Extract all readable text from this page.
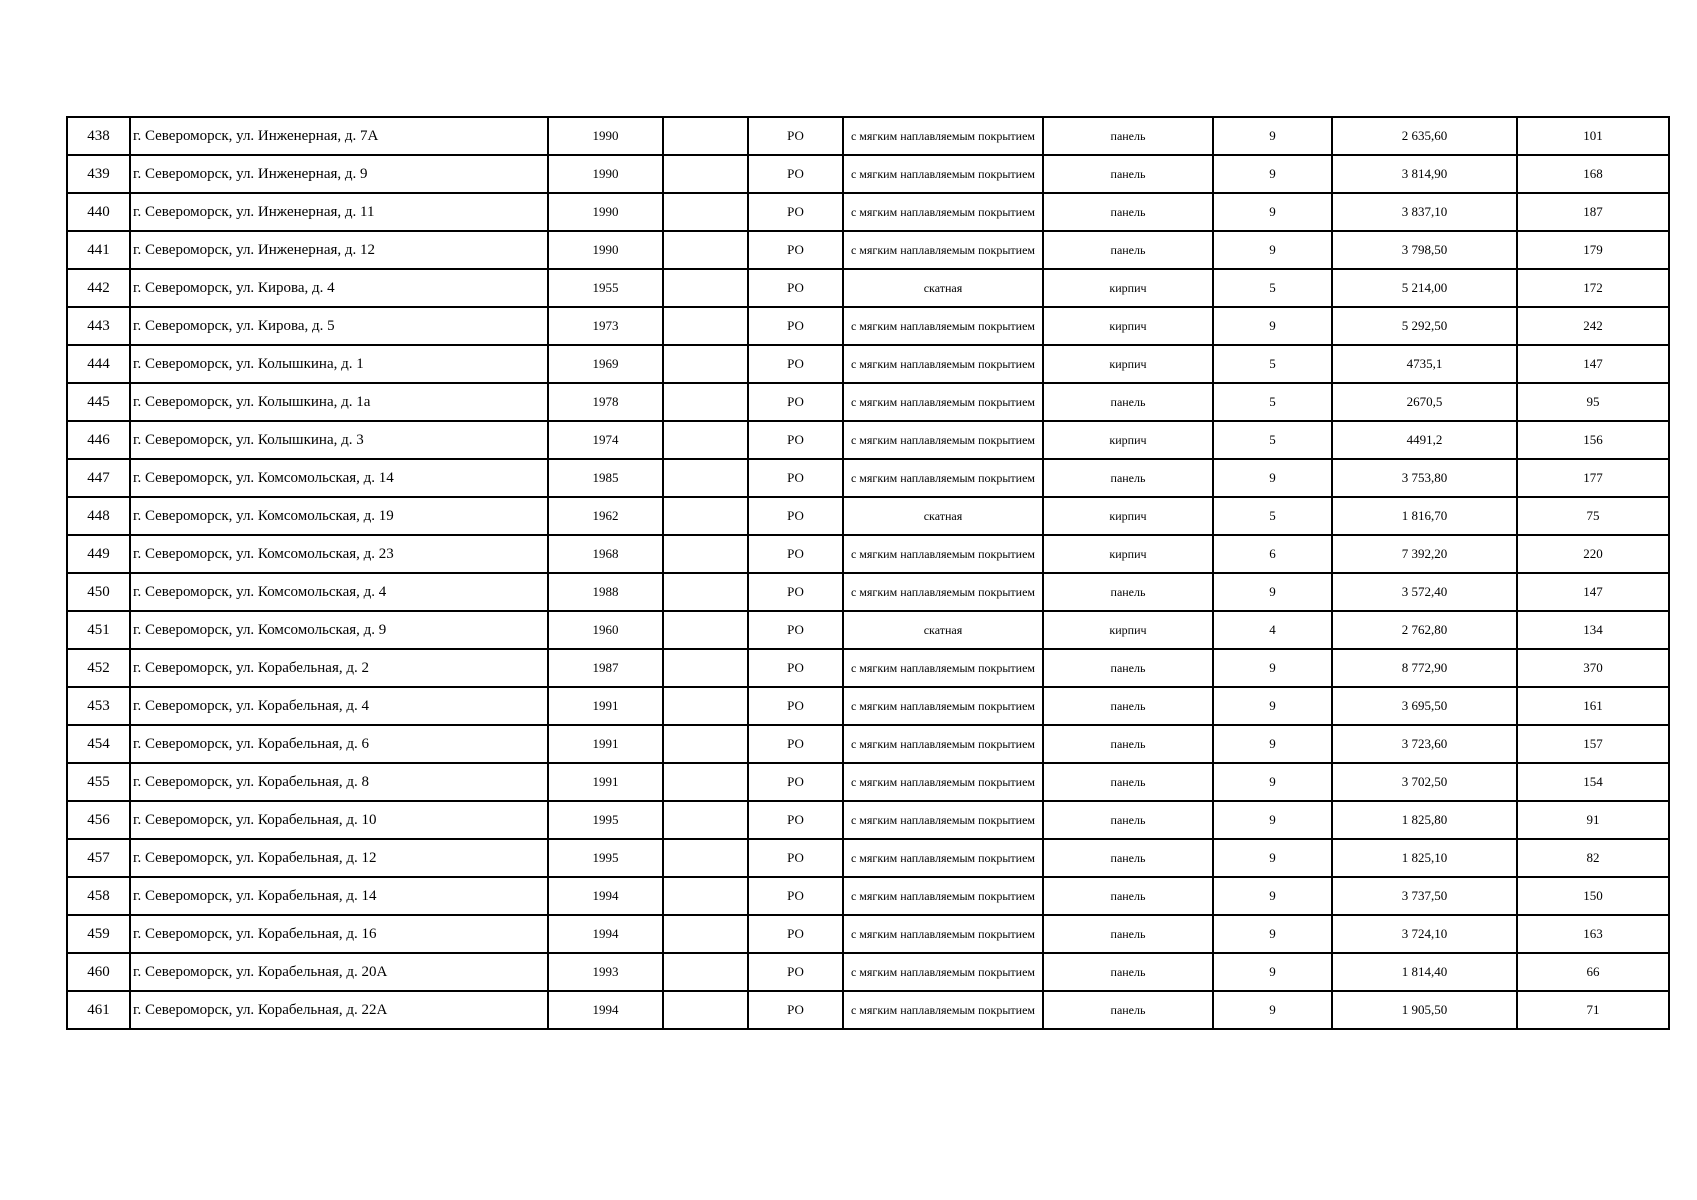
438	г. Североморск, ул. Инженерная, д. 7А	1990		РО	с мягким наплавляемым покрытием	панель	9	2 635,60	101
439	г. Североморск, ул. Инженерная, д. 9	1990		РО	с мягким наплавляемым покрытием	панель	9	3 814,90	168
440	г. Североморск, ул. Инженерная, д. 11	1990		РО	с мягким наплавляемым покрытием	панель	9	3 837,10	187
441	г. Североморск, ул. Инженерная, д. 12	1990		РО	с мягким наплавляемым покрытием	панель	9	3 798,50	179
442	г. Североморск, ул. Кирова, д. 4	1955		РО	скатная	кирпич	5	5 214,00	172
443	г. Североморск, ул. Кирова, д. 5	1973		РО	с мягким наплавляемым покрытием	кирпич	9	5 292,50	242
444	г. Североморск, ул. Колышкина, д. 1	1969		РО	с мягким наплавляемым покрытием	кирпич	5	4735,1	147
445	г. Североморск, ул. Колышкина, д. 1а	1978		РО	с мягким наплавляемым покрытием	панель	5	2670,5	95
446	г. Североморск, ул. Колышкина, д. 3	1974		РО	с мягким наплавляемым покрытием	кирпич	5	4491,2	156
447	г. Североморск, ул. Комсомольская, д. 14	1985		РО	с мягким наплавляемым покрытием	панель	9	3 753,80	177
448	г. Североморск, ул. Комсомольская, д. 19	1962		РО	скатная	кирпич	5	1 816,70	75
449	г. Североморск, ул. Комсомольская, д. 23	1968		РО	с мягким наплавляемым покрытием	кирпич	6	7 392,20	220
450	г. Североморск, ул. Комсомольская, д. 4	1988		РО	с мягким наплавляемым покрытием	панель	9	3 572,40	147
451	г. Североморск, ул. Комсомольская, д. 9	1960		РО	скатная	кирпич	4	2 762,80	134
452	г. Североморск, ул. Корабельная, д. 2	1987		РО	с мягким наплавляемым покрытием	панель	9	8 772,90	370
453	г. Североморск, ул. Корабельная, д. 4	1991		РО	с мягким наплавляемым покрытием	панель	9	3 695,50	161
454	г. Североморск, ул. Корабельная, д. 6	1991		РО	с мягким наплавляемым покрытием	панель	9	3 723,60	157
455	г. Североморск, ул. Корабельная, д. 8	1991		РО	с мягким наплавляемым покрытием	панель	9	3 702,50	154
456	г. Североморск, ул. Корабельная, д. 10	1995		РО	с мягким наплавляемым покрытием	панель	9	1 825,80	91
457	г. Североморск, ул. Корабельная, д. 12	1995		РО	с мягким наплавляемым покрытием	панель	9	1 825,10	82
458	г. Североморск, ул. Корабельная, д. 14	1994		РО	с мягким наплавляемым покрытием	панель	9	3 737,50	150
459	г. Североморск, ул. Корабельная, д. 16	1994		РО	с мягким наплавляемым покрытием	панель	9	3 724,10	163
460	г. Североморск, ул. Корабельная, д. 20А	1993		РО	с мягким наплавляемым покрытием	панель	9	1 814,40	66
461	г. Североморск, ул. Корабельная, д. 22А	1994		РО	с мягким наплавляемым покрытием	панель	9	1 905,50	71
